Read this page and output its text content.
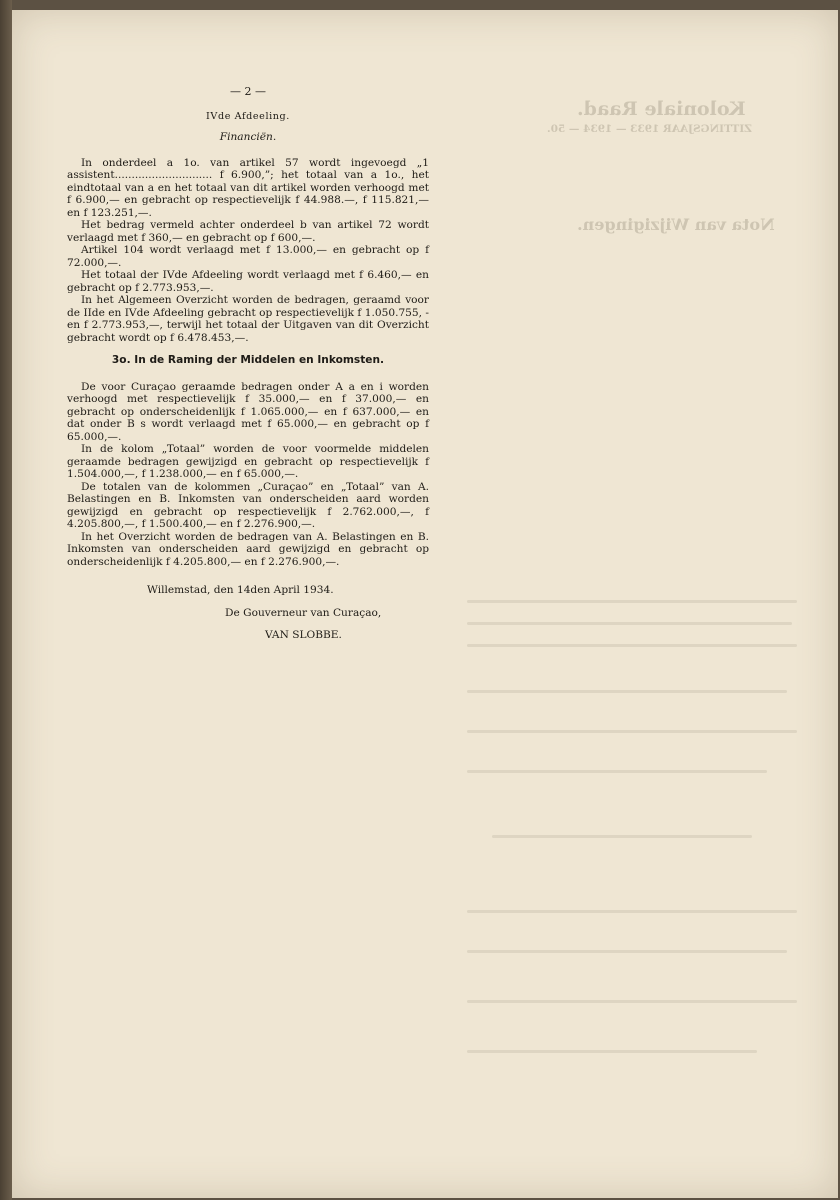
Koloniale Raad.
ZITTINGSJAAR 1933 — 1934 — 50.
Nota van Wijzigingen.

— 2 —

IVde Afdeeling.

Financiën.

In onderdeel a 1o. van artikel 57 wordt ingevoegd „1 assistent............................. f 6.900,”; het totaal van a 1o., het eindtotaal van a en het totaal van dit artikel worden verhoogd met f 6.900,— en gebracht op respectievelijk f 44.988.—, f 115.821,— en f 123.251,—.

Het bedrag vermeld achter onderdeel b van artikel 72 wordt verlaagd met f 360,— en gebracht op f 600,—.

Artikel 104 wordt verlaagd met f 13.000,— en gebracht op f 72.000,—.

Het totaal der IVde Afdeeling wordt verlaagd met f 6.460,— en gebracht op f 2.773.953,—.

In het Algemeen Overzicht worden de bedragen, geraamd voor de IIde en IVde Afdeeling gebracht op respectievelijk f 1.050.755, - en f 2.773.953,—, terwijl het totaal der Uitgaven van dit Overzicht gebracht wordt op f 6.478.453,—.

3o. In de Raming der Middelen en Inkomsten.

De voor Curaçao geraamde bedragen onder A a en i worden verhoogd met respectievelijk f 35.000,— en f 37.000,— en gebracht op onderscheidenlijk f 1.065.000,— en f 637.000,— en dat onder B s wordt verlaagd met f 65.000,— en gebracht op f 65.000,—.

In de kolom „Totaal” worden de voor voormelde middelen geraamde bedragen gewijzigd en gebracht op respectievelijk f 1.504.000,—, f 1.238.000,— en f 65.000,—.

De totalen van de kolommen „Curaçao” en „Totaal” van A. Belastingen en B. Inkomsten van onderscheiden aard worden gewijzigd en gebracht op respectievelijk f 2.762.000,—, f 4.205.800,—, f 1.500.400,— en f 2.276.900,—.

In het Overzicht worden de bedragen van A. Belastingen en B. Inkomsten van onderscheiden aard gewijzigd en gebracht op onderscheidenlijk f 4.205.800,— en f 2.276.900,—.

Willemstad, den 14den April 1934.

De Gouverneur van Curaçao,

VAN SLOBBE.
